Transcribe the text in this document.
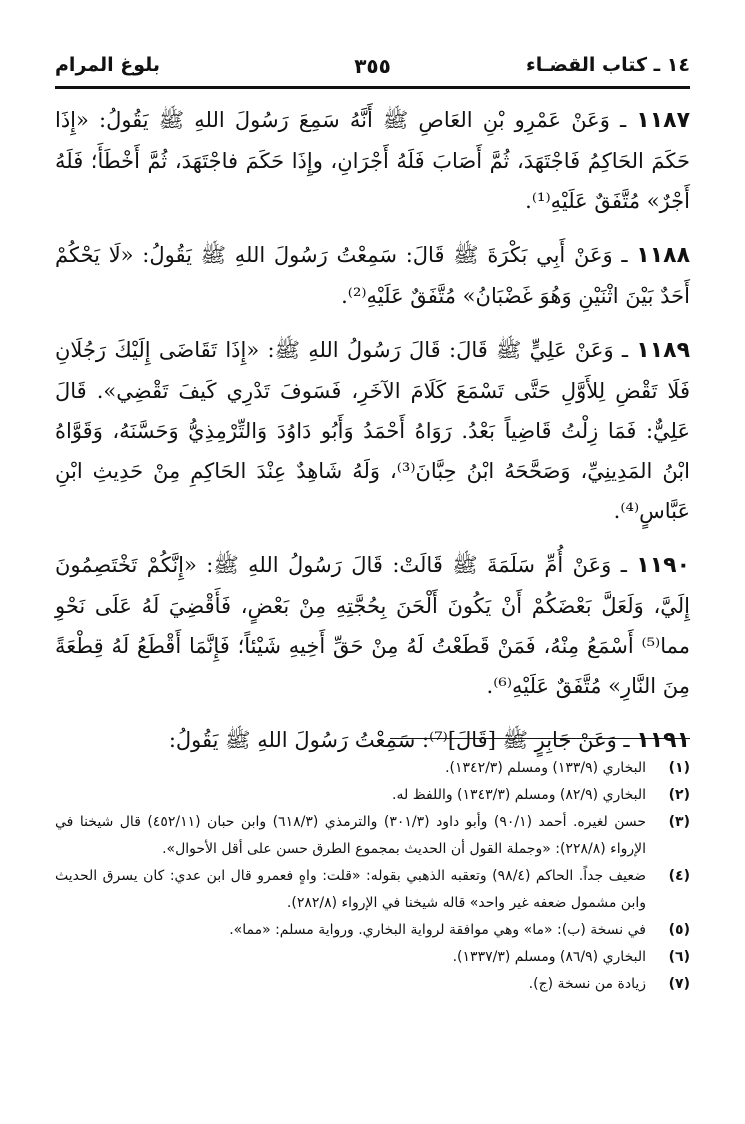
١٤ ـ كتاب القضـاء
٣٥٥
بلوغ المرام

١١٨٧ ـ وَعَنْ عَمْرِو بْنِ العَاصِ ﷺ أَنَّهُ سَمِعَ رَسُولَ اللهِ ﷺ يَقُولُ: «إِذَا حَكَمَ الحَاكِمُ فَاجْتَهَدَ، ثُمَّ أَصَابَ فَلَهُ أَجْرَانِ، وإِذَا حَكَمَ فاجْتَهَدَ، ثُمَّ أَخْطَأَ؛ فَلَهُ أَجْرٌ» مُتَّفَقٌ عَلَيْهِ⁽¹⁾.

١١٨٨ ـ وَعَنْ أَبِي بَكْرَةَ ﷺ قَالَ: سَمِعْتُ رَسُولَ اللهِ ﷺ يَقُولُ: «لَا يَحْكُمْ أَحَدٌ بَيْنَ اثْنَيْنِ وَهُوَ غَضْبَانُ» مُتَّفَقٌ عَلَيْهِ⁽²⁾.

١١٨٩ ـ وَعَنْ عَلِيٍّ ﷺ قَالَ: قَالَ رَسُولُ اللهِ ﷺ: «إِذَا تَقَاضَى إِلَيْكَ رَجُلَانِ فَلَا تَقْضِ لِلأَوَّلِ حَتَّى تَسْمَعَ كَلَامَ الآخَرِ، فَسَوفَ تَدْرِي كَيفَ تَقْضِي». قَالَ عَلِيٌّ: فَمَا زِلْتُ قَاضِياً بَعْدُ. رَوَاهُ أَحْمَدُ وَأَبُو دَاوُدَ وَالتِّرْمِذِيُّ وَحَسَّنَهُ، وَقَوَّاهُ ابْنُ المَدِينِيِّ، وَصَحَّحَهُ ابْنُ حِبَّانَ⁽³⁾، وَلَهُ شَاهِدٌ عِنْدَ الحَاكِمِ مِنْ حَدِيثِ ابْنِ عَبَّاسٍ⁽⁴⁾.

١١٩٠ ـ وَعَنْ أُمِّ سَلَمَةَ ﷺ قَالَتْ: قَالَ رَسُولُ اللهِ ﷺ: «إِنَّكُمْ تَخْتَصِمُونَ إِلَيَّ، وَلَعَلَّ بَعْضَكُمْ أَنْ يَكُونَ أَلْحَنَ بِحُجَّتِهِ مِنْ بَعْضٍ، فَأَقْضِيَ لَهُ عَلَى نَحْوِ مما⁽⁵⁾ أَسْمَعُ مِنْهُ، فَمَنْ قَطَعْتُ لَهُ مِنْ حَقِّ أَخِيهِ شَيْئاً؛ فَإِنَّمَا أَقْطَعُ لَهُ قِطْعَةً مِنَ النَّارِ» مُتَّفَقٌ عَلَيْهِ⁽⁶⁾.

١١٩١ ـ وَعَنْ جَابِرٍ ﷺ [قَالَ]⁽⁷⁾: سَمِعْتُ رَسُولَ اللهِ ﷺ يَقُولُ:

(١)
البخاري (١٣٣/٩) ومسلم (١٣٤٢/٣).
(٢)
البخاري (٨٢/٩) ومسلم (١٣٤٣/٣) واللفظ له.
(٣)
حسن لغيره. أحمد (٩٠/١) وأبو داود (٣٠١/٣) والترمذي (٦١٨/٣) وابن حبان (٤٥٢/١١) قال شيخنا في الإرواء (٢٢٨/٨): «وجملة القول أن الحديث بمجموع الطرق حسن على أقل الأحوال».
(٤)
ضعيف جداً. الحاكم (٩٨/٤) وتعقبه الذهبي بقوله: «قلت: واهٍ فعمرو قال ابن عدي: كان يسرق الحديث وابن مشمول ضعفه غير واحد» قاله شيخنا في الإرواء (٢٨٢/٨).
(٥)
في نسخة (ب): «ما» وهي موافقة لرواية البخاري. ورواية مسلم: «مما».
(٦)
البخاري (٨٦/٩) ومسلم (١٣٣٧/٣).
(٧)
زيادة من نسخة (ج).
